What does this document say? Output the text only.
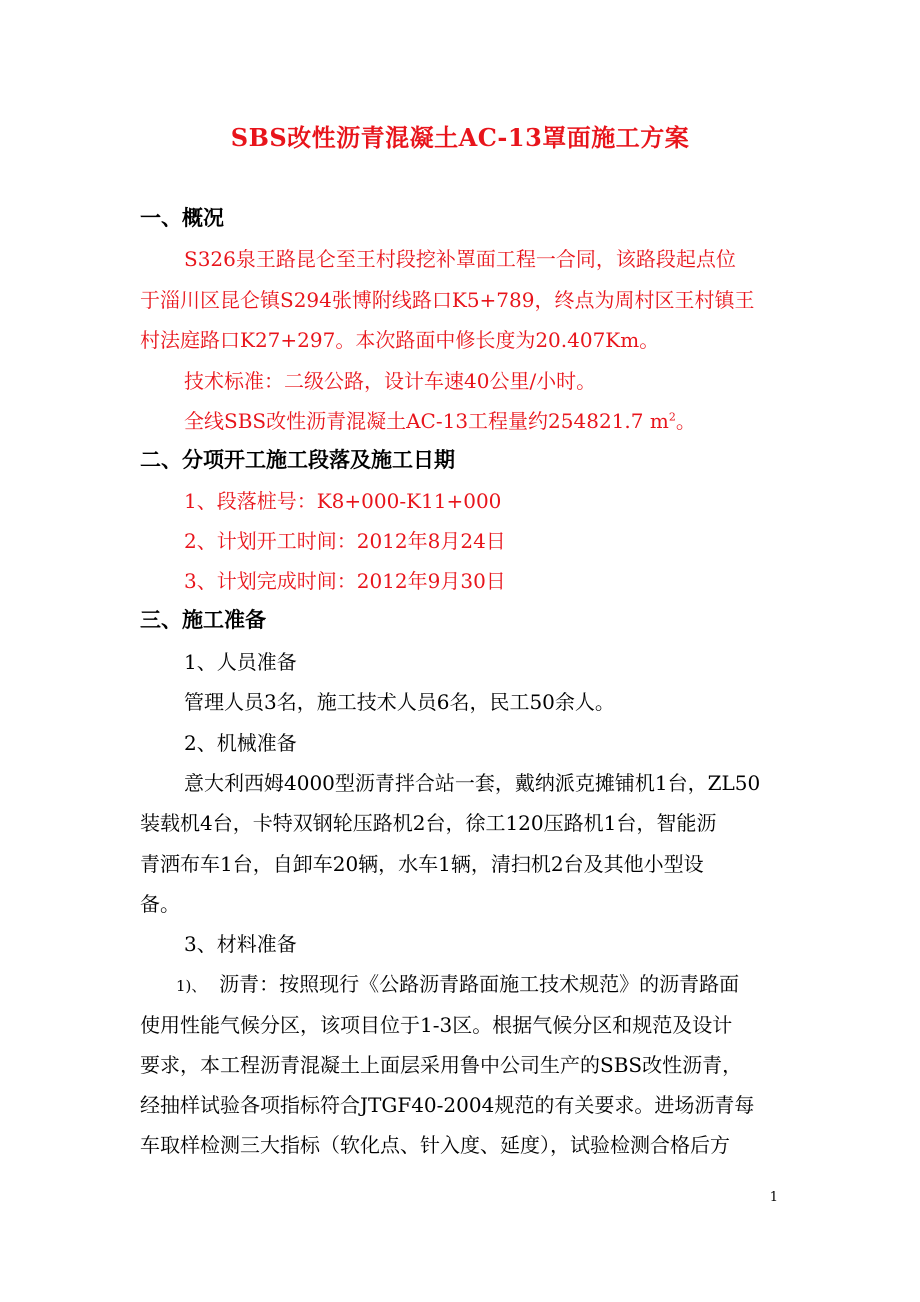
SBS改性沥青混凝土AC-13罩面施工方案
一、概况
S326泉王路昆仑至王村段挖补罩面工程一合同，该路段起点位
于淄川区昆仑镇S294张博附线路口K5+789，终点为周村区王村镇王
村法庭路口K27+297。本次路面中修长度为20.407Km。
技术标准：二级公路，设计车速40公里/小时。
全线SBS改性沥青混凝土AC-13工程量约254821.7 $m^2$。
二、分项开工施工段落及施工日期
1、段落桩号：K8+000-K11+000
2、计划开工时间：2012年8月24日
3、计划完成时间：2012年9月30日
三、施工准备
1、人员准备
管理人员3名，施工技术人员6名，民工50余人。
2、机械准备
意大利西姆4000型沥青拌合站一套，戴纳派克摊铺机1台，ZL50
装载机4台，卡特双钢轮压路机2台，徐工120压路机1台，智能沥
青洒布车1台，自卸车20辆，水车1辆，清扫机2台及其他小型设
备。
3、材料准备
1)、 沥青：按照现行《公路沥青路面施工技术规范》的沥青路面
使用性能气候分区，该项目位于1-3区。根据气候分区和规范及设计
要求，本工程沥青混凝土上面层采用鲁中公司生产的SBS改性沥青，
经抽样试验各项指标符合JTGF40-2004规范的有关要求。进场沥青每
车取样检测三大指标（软化点、针入度、延度），试验检测合格后方
1
